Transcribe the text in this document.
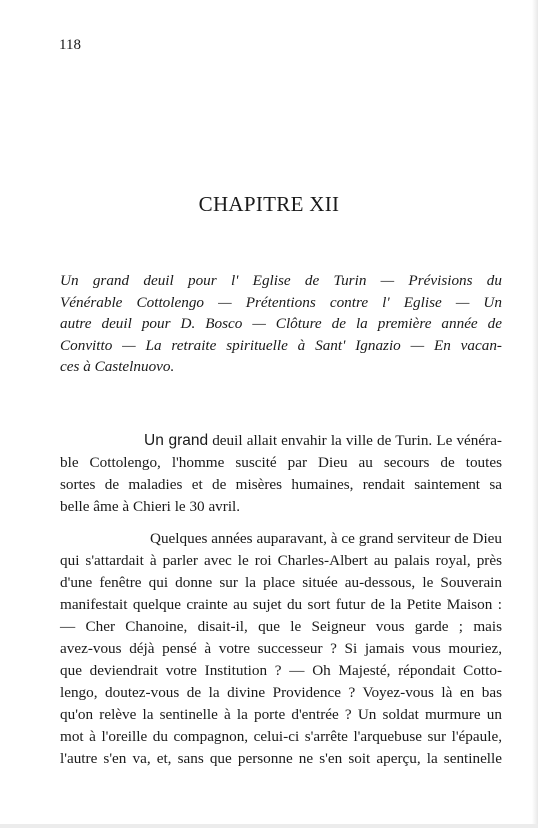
118
CHAPITRE XII
Un grand deuil pour l' Eglise de Turin — Prévisions du
Vénérable Cottolengo — Prétentions contre l' Eglise — Un
autre deuil pour D. Bosco — Clôture de la première année de
Convitto — La retraite spirituelle à Sant' Ignazio — En vacan-
ces à Castelnuovo.
Un grand deuil allait envahir la ville de Turin. Le vénéra-
ble Cottolengo, l'homme suscité par Dieu au secours de toutes
sortes de maladies et de misères humaines, rendait saintement sa
belle âme à Chieri le 30 avril.
Quelques années auparavant, à ce grand serviteur de Dieu
qui s'attardait à parler avec le roi Charles-Albert au palais royal, près
d'une fenêtre qui donne sur la place située au-dessous, le Souverain
manifestait quelque crainte au sujet du sort futur de la Petite Maison :
— Cher Chanoine, disait-il, que le Seigneur vous garde ; mais
avez-vous déjà pensé à votre successeur ? Si jamais vous mouriez,
que deviendrait votre Institution ? — Oh Majesté, répondait Cotto-
lengo, doutez-vous de la divine Providence ? Voyez-vous là en bas
qu'on relève la sentinelle à la porte d'entrée ? Un soldat murmure un
mot à l'oreille du compagnon, celui-ci s'arrête l'arquebuse sur l'épaule,
l'autre s'en va, et, sans que personne ne s'en soit aperçu, la sentinelle
